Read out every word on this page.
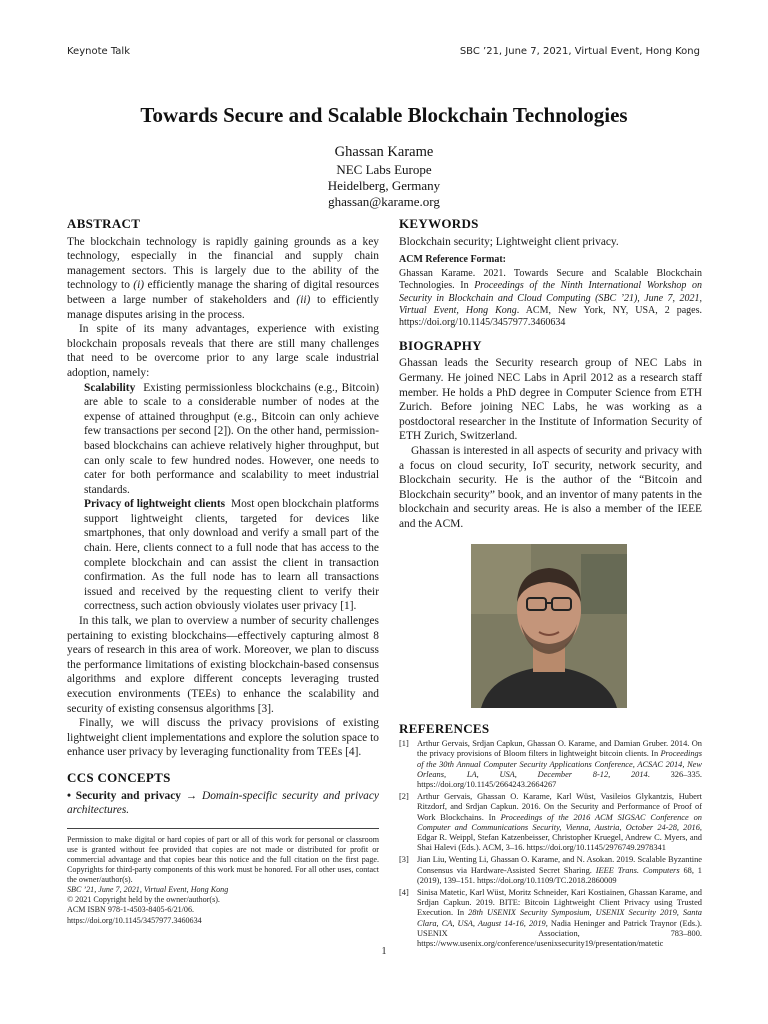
Keynote Talk	SBC ’21, June 7, 2021, Virtual Event, Hong Kong
Towards Secure and Scalable Blockchain Technologies
Ghassan Karame
NEC Labs Europe
Heidelberg, Germany
ghassan@karame.org
ABSTRACT

The blockchain technology is rapidly gaining grounds as a key technology, especially in the financial and supply chain management sectors. This is largely due to the ability of the technology to (i) efficiently manage the sharing of digital resources between a large number of stakeholders and (ii) to efficiently manage disputes arising in the process.

In spite of its many advantages, experience with existing blockchain proposals reveals that there are still many challenges that need to be overcome prior to any large scale industrial adoption, namely:

Scalability Existing permissionless blockchains (e.g., Bitcoin) are able to scale to a considerable number of nodes at the expense of attained throughput (e.g., Bitcoin can only achieve few transactions per second [2]). On the other hand, permission-based blockchains can achieve relatively higher throughput, but can only scale to few hundred nodes. However, one needs to cater for both performance and scalability to meet industrial standards.
Privacy of lightweight clients Most open blockchain platforms support lightweight clients, targeted for devices like smartphones, that only download and verify a small part of the chain. Here, clients connect to a full node that has access to the complete blockchain and can assist the client in transaction confirmation. As the full node has to learn all transactions issued and received by the requesting client to verify their correctness, such action obviously violates user privacy [1].

In this talk, we plan to overview a number of security challenges pertaining to existing blockchains—effectively capturing almost 8 years of research in this area of work. Moreover, we plan to discuss the performance limitations of existing blockchain-based consensus algorithms and explore different concepts leveraging trusted execution environments (TEEs) to enhance the scalability and security of existing consensus algorithms [3].

Finally, we will discuss the privacy provisions of existing lightweight client implementations and explore the solution space to enhance user privacy by leveraging functionality from TEEs [4].

CCS CONCEPTS

• Security and privacy → Domain-specific security and privacy architectures.

Permission to make digital or hard copies of part or all of this work for personal or classroom use is granted without fee provided that copies are not made or distributed for profit or commercial advantage and that copies bear this notice and the full citation on the first page. Copyrights for third-party components of this work must be honored. For all other uses, contact the owner/author(s).
SBC ’21, June 7, 2021, Virtual Event, Hong Kong
© 2021 Copyright held by the owner/author(s).
ACM ISBN 978-1-4503-8405-6/21/06.
https://doi.org/10.1145/3457977.3460634
KEYWORDS

Blockchain security; Lightweight client privacy.

ACM Reference Format:

Ghassan Karame. 2021. Towards Secure and Scalable Blockchain Technologies. In Proceedings of the Ninth International Workshop on Security in Blockchain and Cloud Computing (SBC ’21), June 7, 2021, Virtual Event, Hong Kong. ACM, New York, NY, USA, 2 pages. https://doi.org/10.1145/3457977.3460634

BIOGRAPHY

Ghassan leads the Security research group of NEC Labs in Germany. He joined NEC Labs in April 2012 as a research staff member. He holds a PhD degree in Computer Science from ETH Zurich. Before joining NEC Labs, he was working as a postdoctoral researcher in the Institute of Information Security of ETH Zurich, Switzerland.

Ghassan is interested in all aspects of security and privacy with a focus on cloud security, IoT security, network security, and Blockchain security. He is the author of the “Bitcoin and Blockchain security” book, and an inventor of many patents in the blockchain and security areas. He is also a member of the IEEE and the ACM.

REFERENCES
[1] Arthur Gervais, Srdjan Capkun, Ghassan O. Karame, and Damian Gruber. 2014. On the privacy provisions of Bloom filters in lightweight bitcoin clients. In Proceedings of the 30th Annual Computer Security Applications Conference, ACSAC 2014, New Orleans, LA, USA, December 8-12, 2014. 326–335. https://doi.org/10.1145/2664243.2664267
[2] Arthur Gervais, Ghassan O. Karame, Karl Wüst, Vasileios Glykantzis, Hubert Ritzdorf, and Srdjan Capkun. 2016. On the Security and Performance of Proof of Work Blockchains. In Proceedings of the 2016 ACM SIGSAC Conference on Computer and Communications Security, Vienna, Austria, October 24-28, 2016, Edgar R. Weippl, Stefan Katzenbeisser, Christopher Kruegel, Andrew C. Myers, and Shai Halevi (Eds.). ACM, 3–16. https://doi.org/10.1145/2976749.2978341
[3] Jian Liu, Wenting Li, Ghassan O. Karame, and N. Asokan. 2019. Scalable Byzantine Consensus via Hardware-Assisted Secret Sharing. IEEE Trans. Computers 68, 1 (2019), 139–151. https://doi.org/10.1109/TC.2018.2860009
[4] Sinisa Matetic, Karl Wüst, Moritz Schneider, Kari Kostiainen, Ghassan Karame, and Srdjan Capkun. 2019. BITE: Bitcoin Lightweight Client Privacy using Trusted Execution. In 28th USENIX Security Symposium, USENIX Security 2019, Santa Clara, CA, USA, August 14-16, 2019, Nadia Heninger and Patrick Traynor (Eds.). USENIX Association, 783–800. https://www.usenix.org/conference/usenixsecurity19/presentation/matetic
1
